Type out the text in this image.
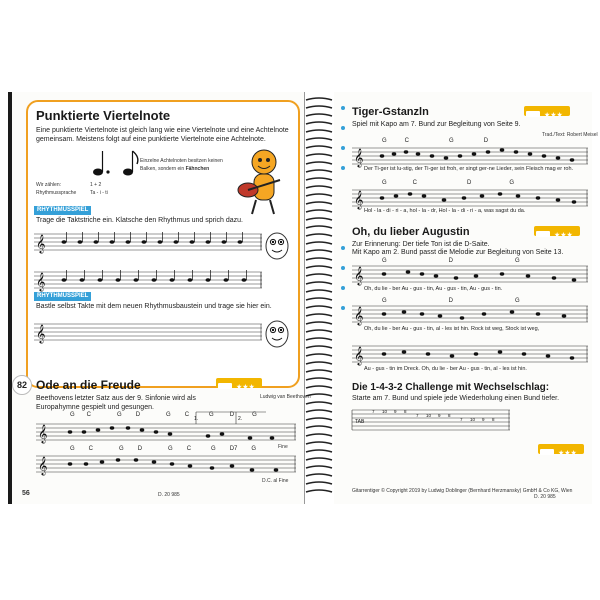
Punktierte Viertelnote
Eine punktierte Viertelnote ist gleich lang wie eine Viertelnote und eine Achtelnote
gemeinsam. Meistens folgt auf eine punktierte Viertelnote eine Achtelnote.
Einzelne Achtelnoten besitzen keinen
Balken, sondern ein Fähnchen
Wir zählen:
Rhythmussprache
1 + 2
Ta - i - ti
RHYTHMUSSPIEL
Trage die Taktstriche ein. Klatsche den Rhythmus und sprich dazu.
𝄞
𝄞
RHYTHMUSSPIEL
Bastle selbst Takte mit dem neuen Rhythmusbaustein und trage sie hier ein.
𝄞
82 Ode an die Freude	★★★
Beethovens letzter Satz aus der 9. Sinfonie wird als
Europahymne gespielt und gesungen.
Ludwig van Beethoven
𝄞
𝄞
1.	2.
G C	G D	G C	G	D	G
Fine
G C	G D	G C	G D7 G
D.C. al Fine
56	D. 20 985
Tiger-Gstanzln	★★★
Spiel mit Kapo am 7. Bund zur Begleitung von Seite 9.
Trad./Text: Robert Meisel
𝄞
𝄞
G	C	G	D
Der Ti-ger ist lu-stig, der Ti-ger ist froh, er singt ger-ne Lieder, sein Fleisch mag er roh.
G	C	D	G
Hol - la - di - ri - a, hol - la - dr, Hol - la - di - ri - a, was sagst du da.
Oh, du lieber Augustin	★★★
Zur Erinnerung: Der tiefe Ton ist die D-Saite.
Mit Kapo am 2. Bund passt die Melodie zur Begleitung von Seite 13.
𝄞
𝄞
𝄞
G	D	G
Oh, du lie - ber Au - gus - tin, Au - gus - tin, Au - gus - tin.
G	D	G
Oh, du lie - ber Au - gus - tin, al - les ist hin. Rock ist weg, Stock ist weg,
Au - gus - tin im Dreck. Oh, du lie - ber Au - gus - tin, al - les ist hin.
Die 1-4-3-2 Challenge mit Wechselschlag:
Starte am 7. Bund und spiele jede Wiederholung einen Bund tiefer.
★★★
TAB
7 10 9 8
7 10 9 8
7 10 9 8
Gitarrentiger © Copyright 2019 by Ludwig Doblinger (Bernhard Herzmansky) GmbH & Co KG, Wien
D. 20 985
